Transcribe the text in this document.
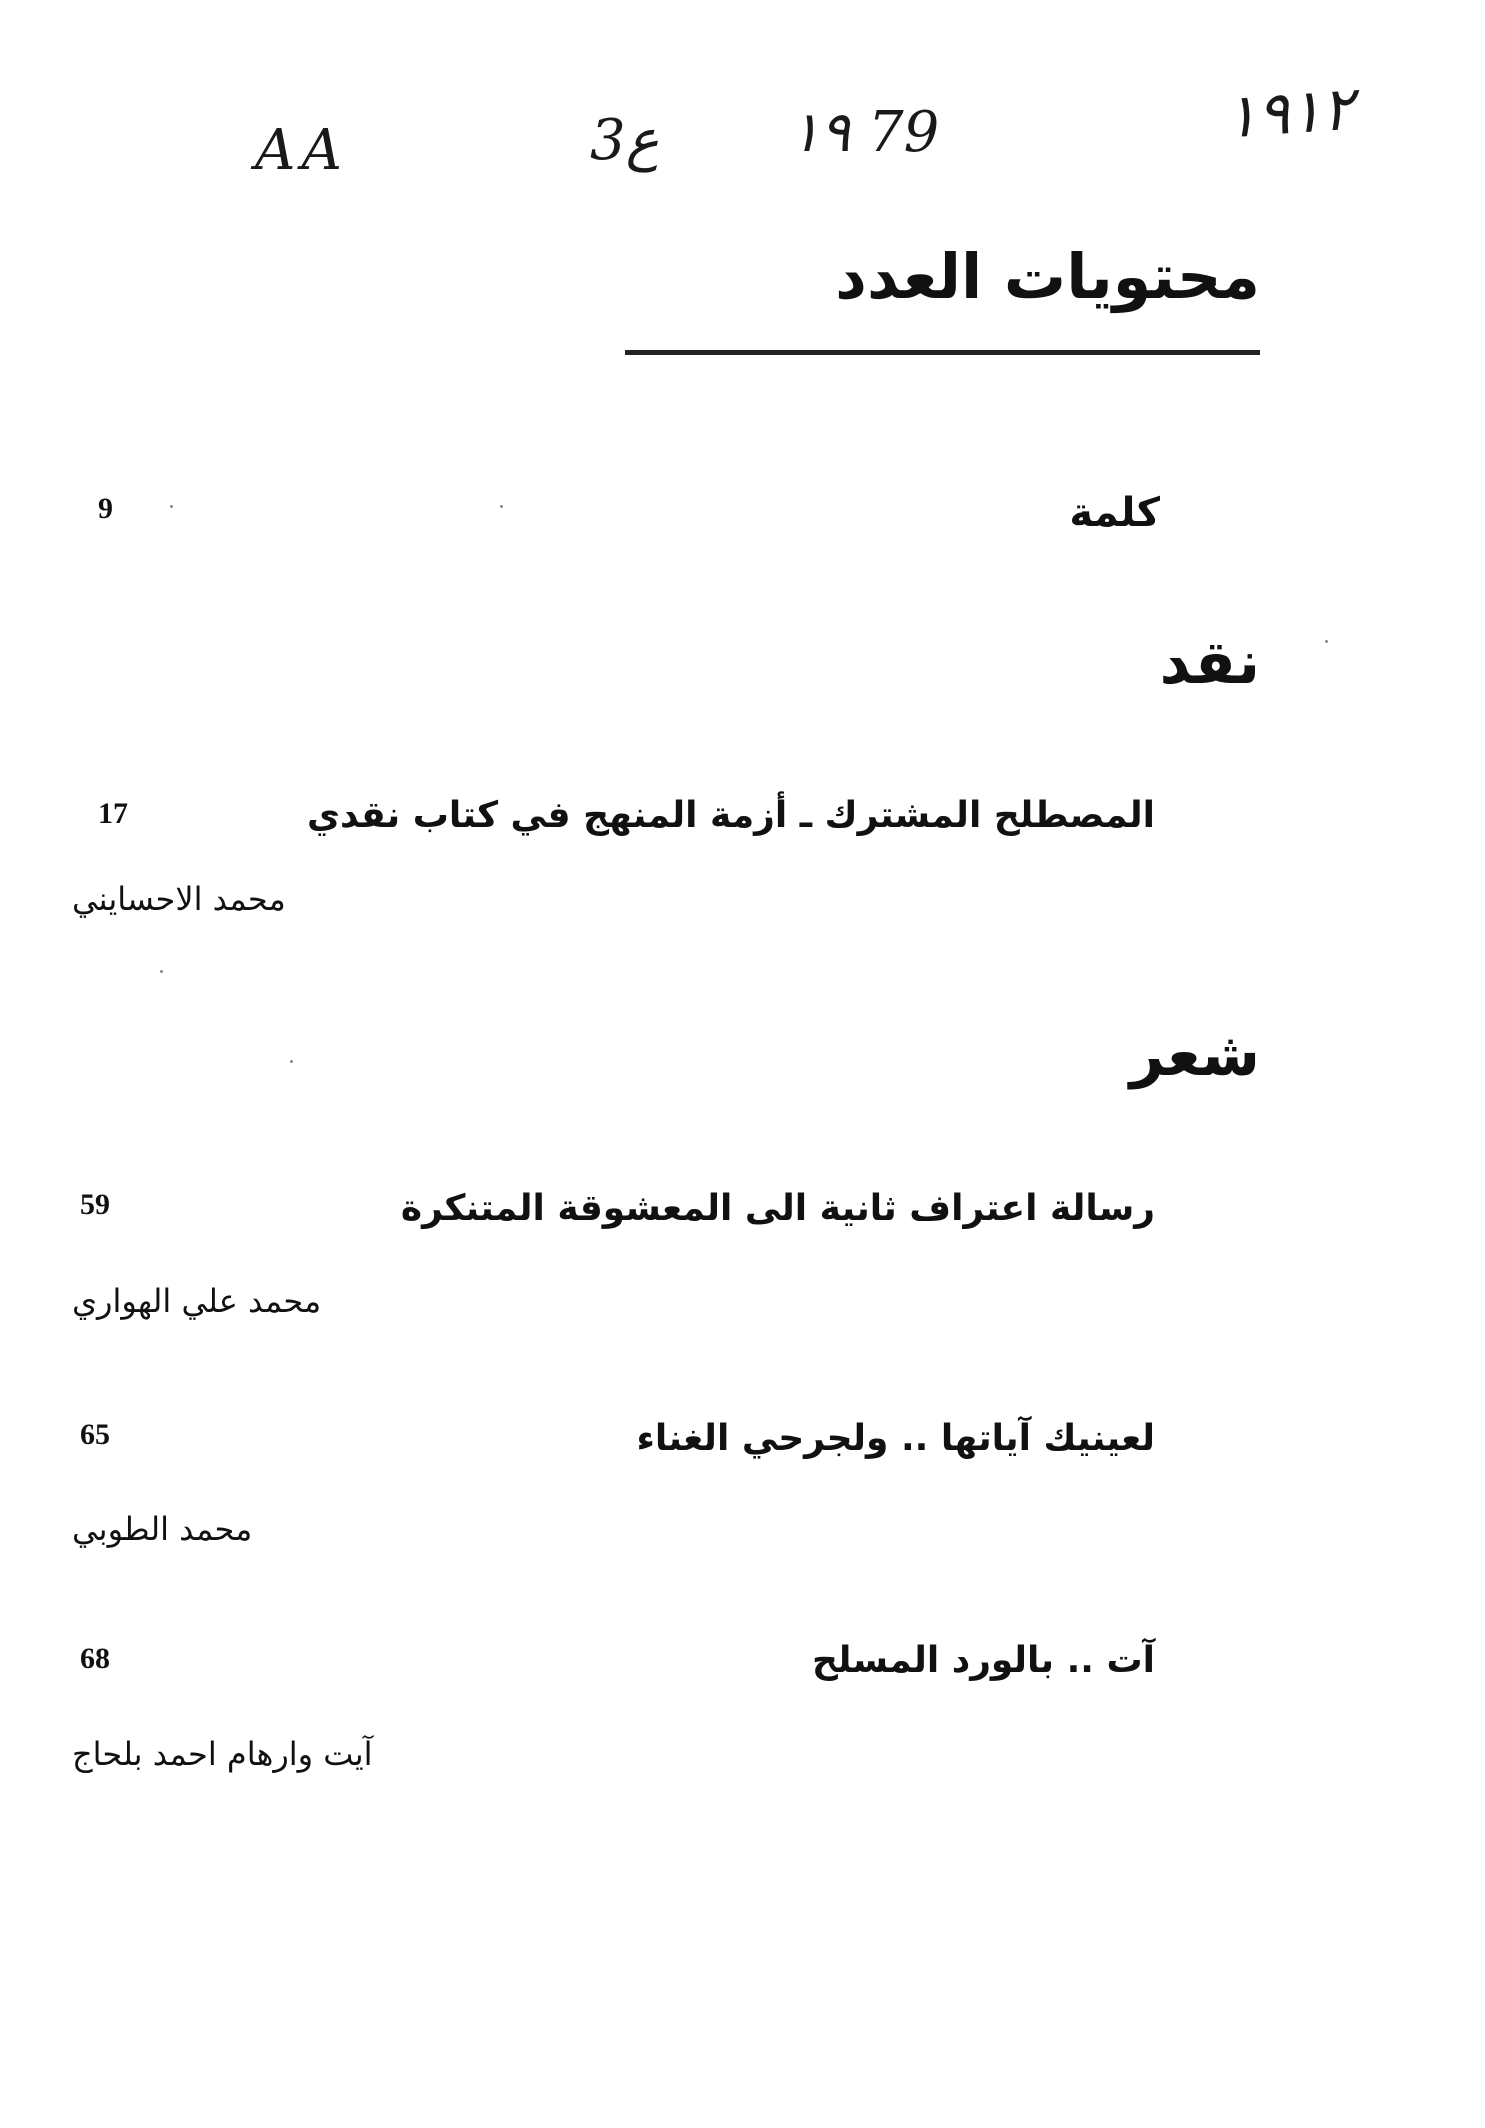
AA	3ع ١٩ 79	١٩١٢
محتويات العدد
كلمة
9
نقد
المصطلح المشترك ـ أزمة المنهج في كتاب نقدي
17
محمد الاحسايني
شعر
رسالة اعتراف ثانية الى المعشوقة المتنكرة
59
محمد علي الهواري
لعينيك آياتها .. ولجرحي الغناء
65
محمد الطوبي
آت .. بالورد المسلح
68
آيت وارهام احمد بلحاج
